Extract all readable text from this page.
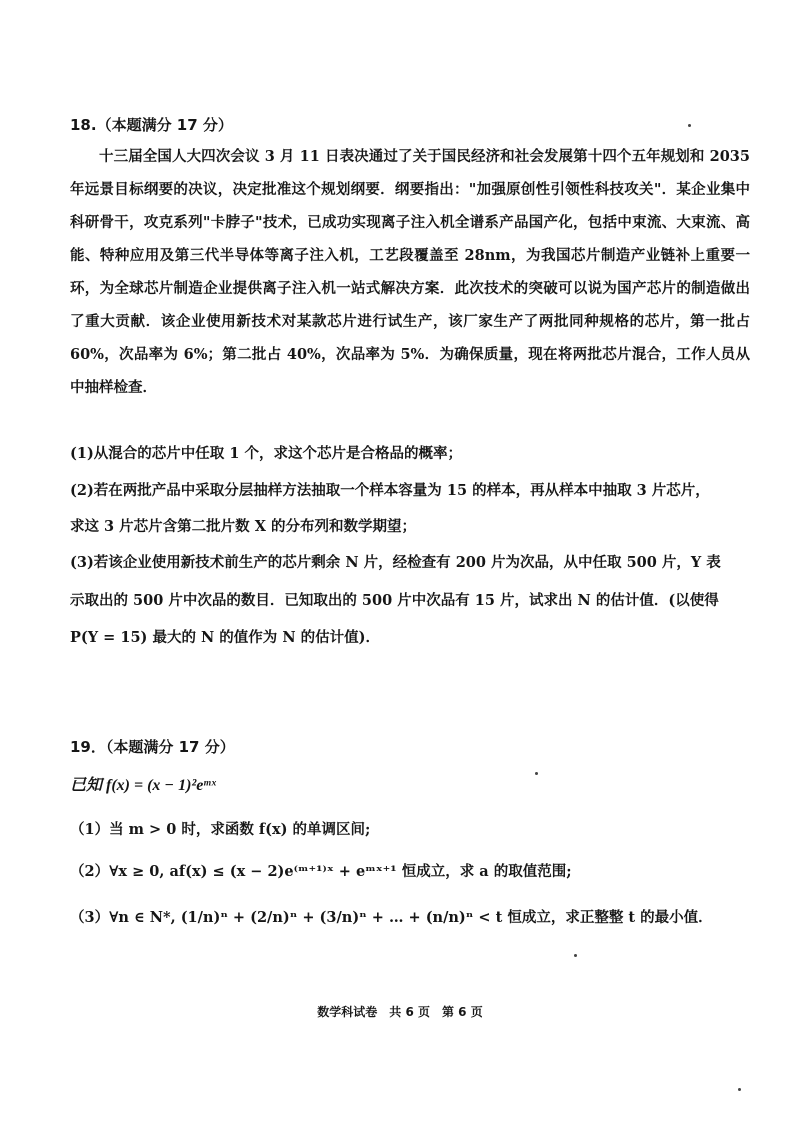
18.（本题满分 17 分）
十三届全国人大四次会议 3 月 11 日表决通过了关于国民经济和社会发展第十四个五年规划和 2035 年远景目标纲要的决议，决定批准这个规划纲要．纲要指出："加强原创性引领性科技攻关"．某企业集中科研骨干，攻克系列"卡脖子"技术，已成功实现离子注入机全谱系产品国产化，包括中束流、大束流、高能、特种应用及第三代半导体等离子注入机，工艺段覆盖至 28nm，为我国芯片制造产业链补上重要一环，为全球芯片制造企业提供离子注入机一站式解决方案．此次技术的突破可以说为国产芯片的制造做出了重大贡献．该企业使用新技术对某款芯片进行试生产，该厂家生产了两批同种规格的芯片，第一批占 60%，次品率为 6%；第二批占 40%，次品率为 5%．为确保质量，现在将两批芯片混合，工作人员从中抽样检查．
(1)从混合的芯片中任取 1 个，求这个芯片是合格品的概率；
(2)若在两批产品中采取分层抽样方法抽取一个样本容量为 15 的样本，再从样本中抽取 3 片芯片，
求这 3 片芯片含第二批片数 X 的分布列和数学期望；
(3)若该企业使用新技术前生产的芯片剩余 N 片，经检查有 200 片为次品，从中任取 500 片，Y 表
示取出的 500 片中次品的数目．已知取出的 500 片中次品有 15 片，试求出 N 的估计值．(以使得
P(Y = 15) 最大的 N 的值作为 N 的估计值)．
19．（本题满分 17 分）
已知 f(x) = (x − 1)²eᵐˣ
（1）当 m > 0 时，求函数 f(x) 的单调区间;
（2）∀x ≥ 0, af(x) ≤ (x − 2)e⁽ᵐ⁺¹⁾ˣ + eᵐˣ⁺¹ 恒成立，求 a 的取值范围;
（3）∀n ∈ N*, (1/n)ⁿ + (2/n)ⁿ + (3/n)ⁿ + … + (n/n)ⁿ < t 恒成立，求正整整 t 的最小值．
数学科试卷　共 6 页　第 6 页
